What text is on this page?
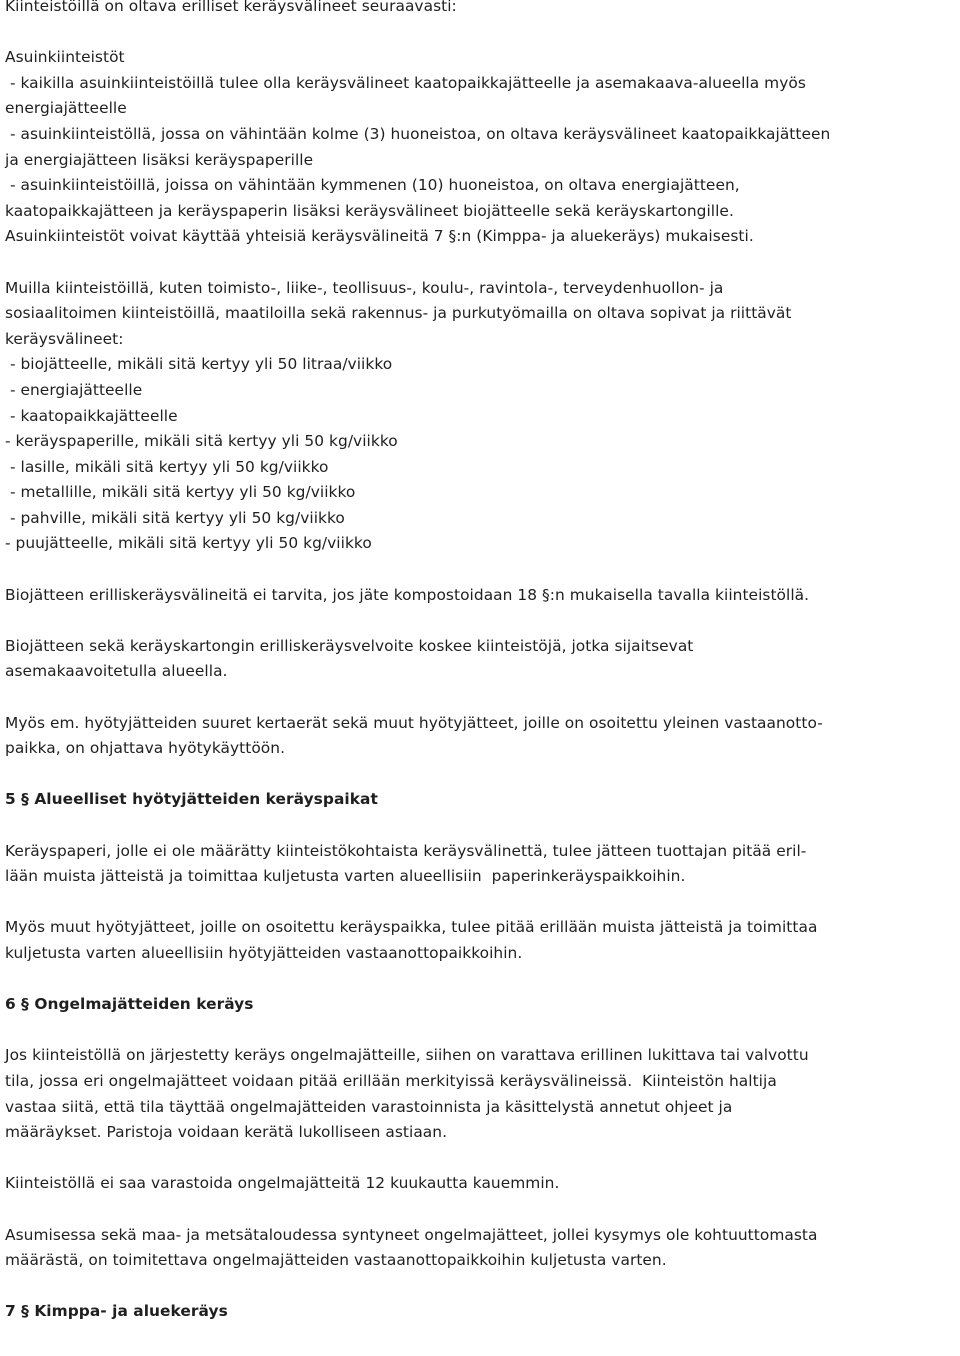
Kiinteistöillä on oltava erilliset keräysvälineet seuraavasti:
Asuinkiinteistöt
- kaikilla asuinkiinteistöillä tulee olla keräysvälineet kaatopaikkajätteelle ja asemakaava-alueella myös
energiajätteelle
- asuinkiinteistöllä, jossa on vähintään kolme (3) huoneistoa, on oltava keräysvälineet kaatopaikkajätteen
ja energiajätteen lisäksi keräyspaperille
- asuinkiinteistöillä, joissa on vähintään kymmenen (10) huoneistoa, on oltava energiajätteen,
kaatopaikkajätteen ja keräyspaperin lisäksi keräysvälineet biojätteelle sekä keräyskartongille.
Asuinkiinteistöt voivat käyttää yhteisiä keräysvälineitä 7 §:n (Kimppa- ja aluekeräys) mukaisesti.
Muilla kiinteistöillä, kuten toimisto-, liike-, teollisuus-, koulu-, ravintola-, terveydenhuollon- ja
sosiaalitoimen kiinteistöillä, maatiloilla sekä rakennus- ja purkutyömailla on oltava sopivat ja riittävät
keräysvälineet:
- biojätteelle, mikäli sitä kertyy yli 50 litraa/viikko
- energiajätteelle
- kaatopaikkajätteelle
- keräyspaperille, mikäli sitä kertyy yli 50 kg/viikko
- lasille, mikäli sitä kertyy yli 50 kg/viikko
- metallille, mikäli sitä kertyy yli 50 kg/viikko
- pahville, mikäli sitä kertyy yli 50 kg/viikko
- puujätteelle, mikäli sitä kertyy yli 50 kg/viikko
Biojätteen erilliskeräysvälineitä ei tarvita, jos jäte kompostoidaan 18 §:n mukaisella tavalla kiinteistöllä.
Biojätteen sekä keräyskartongin erilliskeräysvelvoite koskee kiinteistöjä, jotka sijaitsevat
asemakaavoitetulla alueella.
Myös em. hyötyjätteiden suuret kertaerät sekä muut hyötyjätteet, joille on osoitettu yleinen vastaanotto-
paikka, on ohjattava hyötykäyttöön.
5 § Alueelliset hyötyjätteiden keräyspaikat
Keräyspaperi, jolle ei ole määrätty kiinteistökohtaista keräysvälinettä, tulee jätteen tuottajan pitää eril-
lään muista jätteistä ja toimittaa kuljetusta varten alueellisiin  paperinkeräyspaikkoihin.
Myös muut hyötyjätteet, joille on osoitettu keräyspaikka, tulee pitää erillään muista jätteistä ja toimittaa
kuljetusta varten alueellisiin hyötyjätteiden vastaanottopaikkoihin.
6 § Ongelmajätteiden keräys
Jos kiinteistöllä on järjestetty keräys ongelmajätteille, siihen on varattava erillinen lukittava tai valvottu
tila, jossa eri ongelmajätteet voidaan pitää erillään merkityissä keräysvälineissä.  Kiinteistön haltija
vastaa siitä, että tila täyttää ongelmajätteiden varastoinnista ja käsittelystä annetut ohjeet ja
määräykset. Paristoja voidaan kerätä lukolliseen astiaan.
Kiinteistöllä ei saa varastoida ongelmajätteitä 12 kuukautta kauemmin.
Asumisessa sekä maa- ja metsätaloudessa syntyneet ongelmajätteet, jollei kysymys ole kohtuuttomasta
määrästä, on toimitettava ongelmajätteiden vastaanottopaikkoihin kuljetusta varten.
7 § Kimppa- ja aluekeräys
